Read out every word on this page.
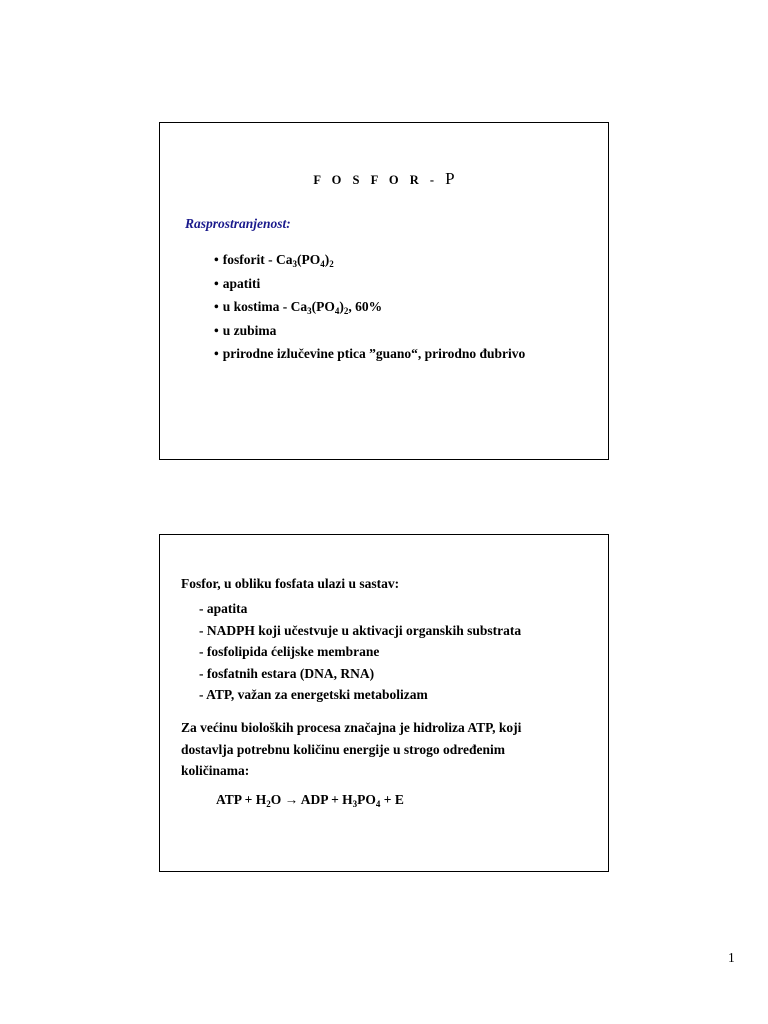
F O S F O R - P
Rasprostranjenost:
• fosforit - $Ca_3(PO_4)_2$
• apatiti
• u kostima - $Ca_3(PO_4)_2$, 60%
• u zubima
• prirodne izlučevine ptica ”guano“, prirodno đubrivo
Fosfor, u obliku fosfata ulazi u sastav:
- apatita
- NADPH koji učestvuje u aktivacji organskih substrata
- fosfolipida ćelijske membrane
- fosfatnih estara (DNA, RNA)
- ATP, važan za energetski metabolizam
Za većinu bioloških procesa značajna je hidroliza ATP, koji
dostavlja potrebnu količinu energije u strogo određenim
količinama:
ATP + $H_2O$ → ADP + $H_3PO_4 + E$
1
